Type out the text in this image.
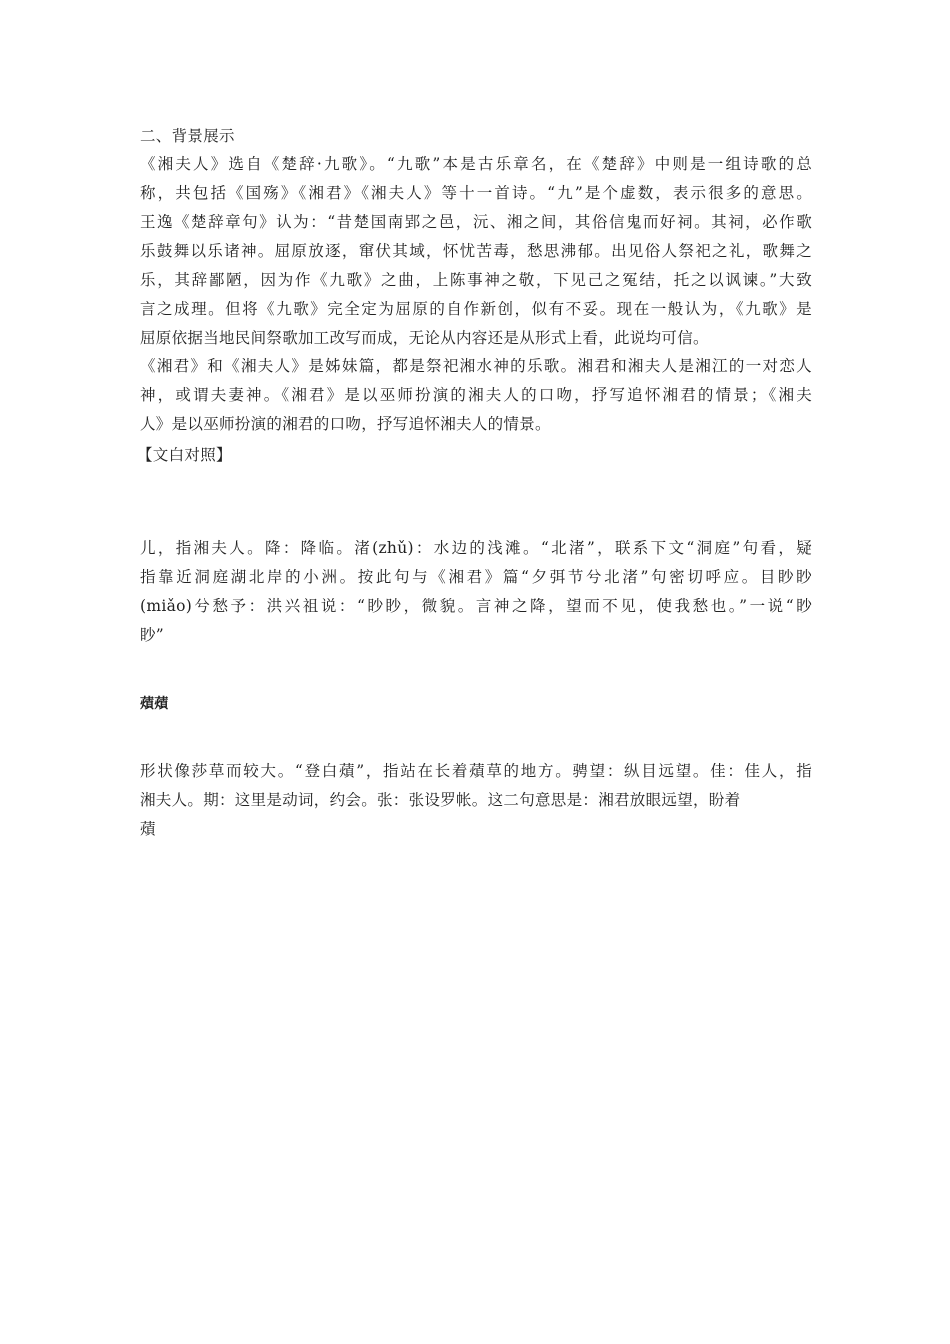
二、背景展示
《湘夫人》选自《楚辞·九歌》。“九歌”本是古乐章名，在《楚辞》中则是一组诗歌的总
称，共包括《国殇》《湘君》《湘夫人》等十一首诗。“九”是个虚数，表示很多的意思。
王逸《楚辞章句》认为：“昔楚国南郢之邑，沅、湘之间，其俗信鬼而好祠。其祠，必作歌
乐鼓舞以乐诸神。屈原放逐，窜伏其域，怀忧苦毒，愁思沸郁。出见俗人祭祀之礼，歌舞之
乐，其辞鄙陋，因为作《九歌》之曲，上陈事神之敬，下见己之冤结，托之以讽谏。”大致
言之成理。但将《九歌》完全定为屈原的自作新创，似有不妥。现在一般认为，《九歌》是
屈原依据当地民间祭歌加工改写而成，无论从内容还是从形式上看，此说均可信。
《湘君》和《湘夫人》是姊妹篇，都是祭祀湘水神的乐歌。湘君和湘夫人是湘江的一对恋人
神，或谓夫妻神。《湘君》是以巫师扮演的湘夫人的口吻，抒写追怀湘君的情景；《湘夫
人》是以巫师扮演的湘君的口吻，抒写追怀湘夫人的情景。
【文白对照】
儿，指湘夫人。降：降临。渚(zhǔ)：水边的浅滩。“北渚”，联系下文“洞庭”句看，疑
指靠近洞庭湖北岸的小洲。按此句与《湘君》篇“夕弭节兮北渚”句密切呼应。目眇眇
(miǎo)兮愁予：洪兴祖说：“眇眇，微貌。言神之降，望而不见，使我愁也。”一说“眇
眇”
薠薠
形状像莎草而较大。“登白薠”，指站在长着薠草的地方。骋望：纵目远望。佳：佳人，指
湘夫人。期：这里是动词，约会。张：张设罗帐。这二句意思是：湘君放眼远望，盼着
薠
